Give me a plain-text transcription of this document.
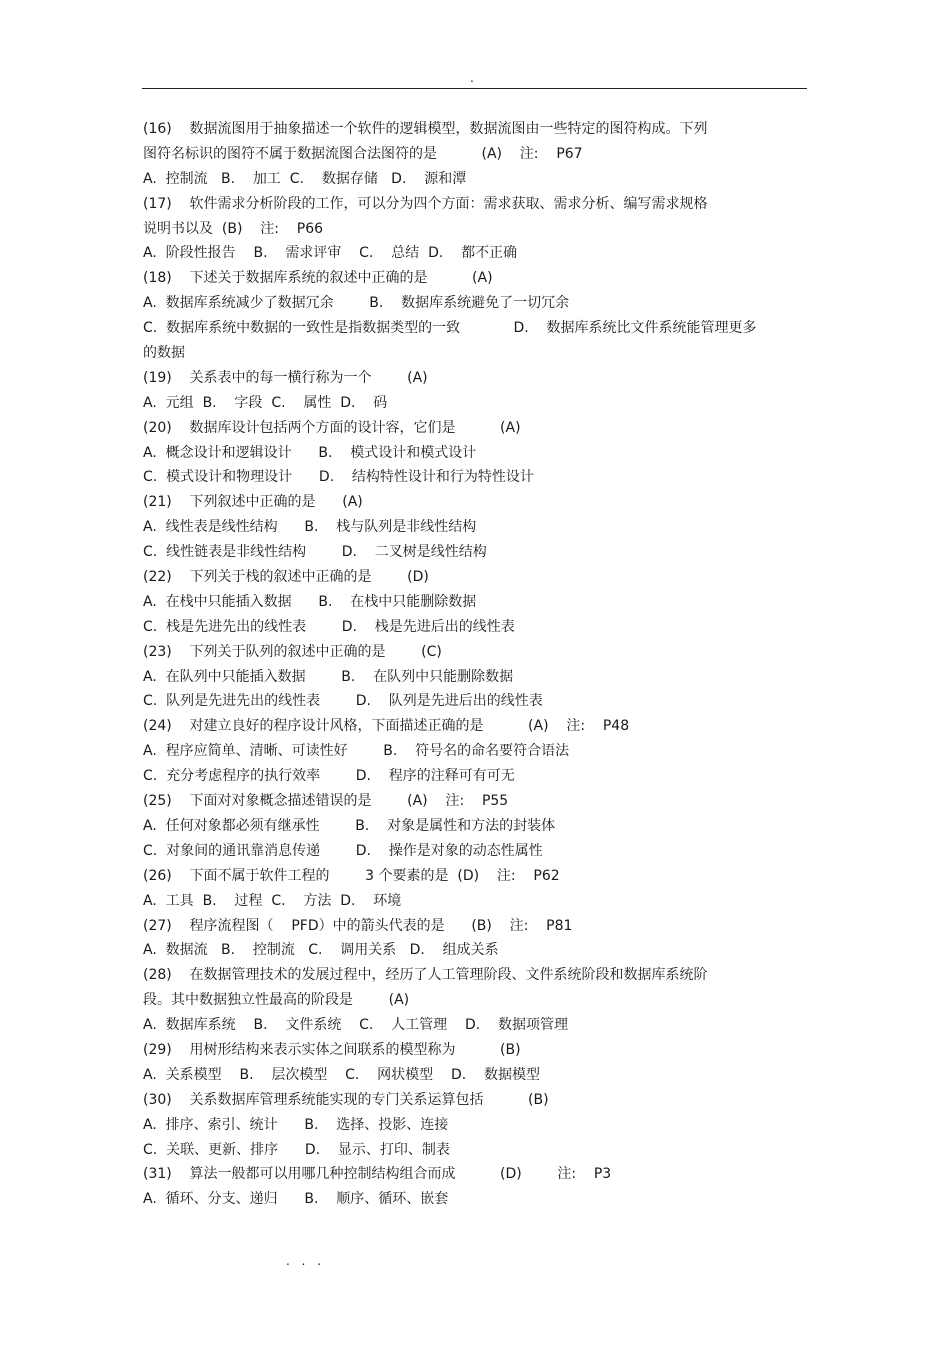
.
(16)    数据流图用于抽象描述一个软件的逻辑模型，数据流图由一些特定的图符构成。下列
图符名标识的图符不属于数据流图合法图符的是          (A)    注:    P67
A.  控制流   B.    加工  C.    数据存储   D.    源和潭
(17)    软件需求分析阶段的工作，可以分为四个方面：需求获取、需求分析、编写需求规格
说明书以及  (B)    注:    P66
A.  阶段性报告    B.    需求评审    C.    总结  D.    都不正确
(18)    下述关于数据库系统的叙述中正确的是          (A)
A.  数据库系统减少了数据冗余        B.    数据库系统避免了一切冗余
C.  数据库系统中数据的一致性是指数据类型的一致            D.    数据库系统比文件系统能管理更多
的数据
(19)    关系表中的每一横行称为一个        (A)
A.  元组  B.    字段  C.    属性  D.    码
(20)    数据库设计包括两个方面的设计容，它们是          (A)
A.  概念设计和逻辑设计      B.    模式设计和模式设计
C.  模式设计和物理设计      D.    结构特性设计和行为特性设计
(21)    下列叙述中正确的是      (A)
A.  线性表是线性结构      B.    栈与队列是非线性结构
C.  线性链表是非线性结构        D.    二叉树是线性结构
(22)    下列关于栈的叙述中正确的是        (D)
A.  在栈中只能插入数据      B.    在栈中只能删除数据
C.  栈是先进先出的线性表        D.    栈是先进后出的线性表
(23)    下列关于队列的叙述中正确的是        (C)
A.  在队列中只能插入数据        B.    在队列中只能删除数据
C.  队列是先进先出的线性表        D.    队列是先进后出的线性表
(24)    对建立良好的程序设计风格，下面描述正确的是          (A)    注:    P48
A.  程序应简单、清晰、可读性好        B.    符号名的命名要符合语法
C.  充分考虑程序的执行效率        D.    程序的注释可有可无
(25)    下面对对象概念描述错误的是        (A)    注:    P55
A.  任何对象都必须有继承性        B.    对象是属性和方法的封装体
C.  对象间的通讯靠消息传递        D.    操作是对象的动态性属性
(26)    下面不属于软件工程的        3 个要素的是  (D)    注:    P62
A.  工具  B.    过程  C.    方法  D.    环境
(27)    程序流程图（    PFD）中的箭头代表的是      (B)    注:    P81
A.  数据流   B.    控制流   C.    调用关系   D.    组成关系
(28)    在数据管理技术的发展过程中，经历了人工管理阶段、文件系统阶段和数据库系统阶
段。其中数据独立性最高的阶段是        (A)
A.  数据库系统    B.    文件系统    C.    人工管理    D.    数据项管理
(29)    用树形结构来表示实体之间联系的模型称为          (B)
A.  关系模型    B.    层次模型    C.    网状模型    D.    数据模型
(30)    关系数据库管理系统能实现的专门关系运算包括          (B)
A.  排序、索引、统计      B.    选择、投影、连接
C.  关联、更新、排序      D.    显示、打印、制表
(31)    算法一般都可以用哪几种控制结构组合而成          (D)        注:    P3
A.  循环、分支、递归      B.    顺序、循环、嵌套
. . .
